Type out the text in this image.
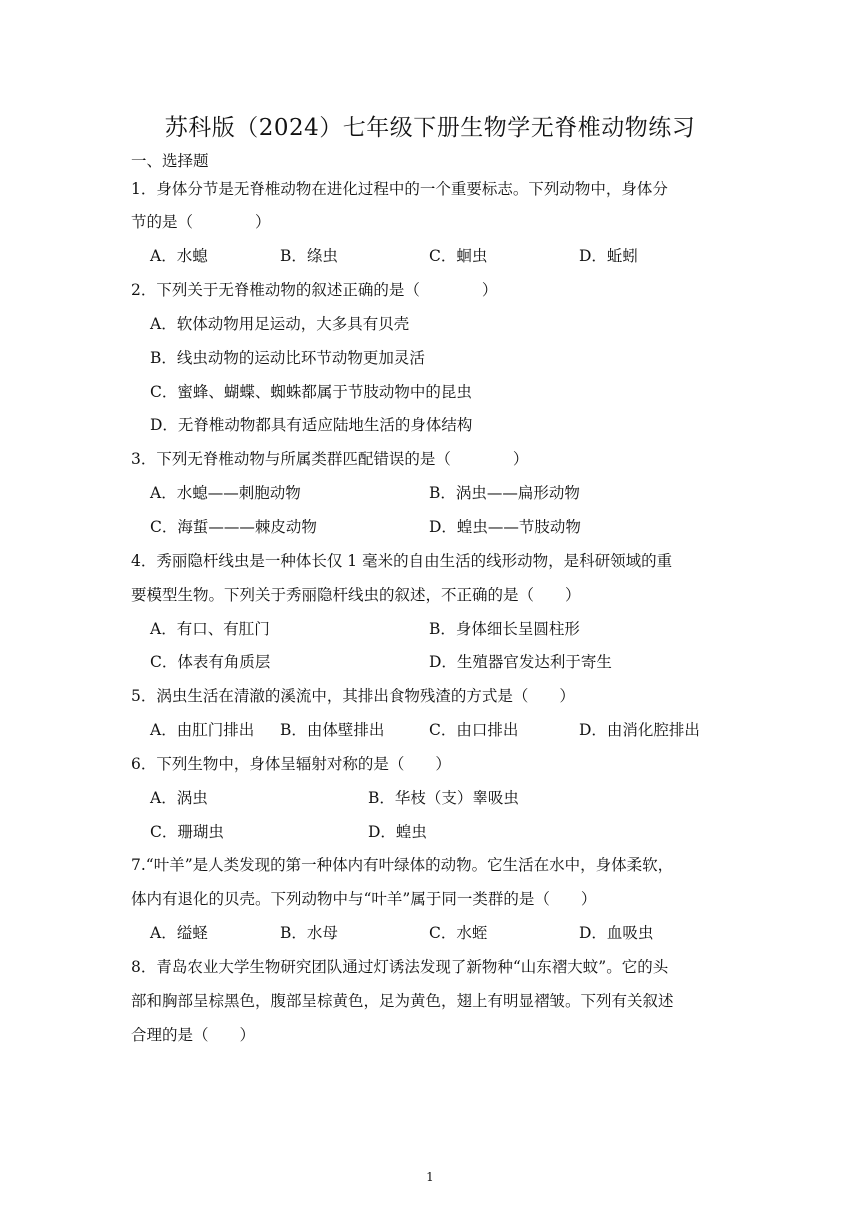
苏科版（2024）七年级下册生物学无脊椎动物练习
一、选择题
1．身体分节是无脊椎动物在进化过程中的一个重要标志。下列动物中，身体分
节的是（　　　　）
A．水螅	B．绦虫	C．蛔虫	D．蚯蚓
2．下列关于无脊椎动物的叙述正确的是（　　　　）
A．软体动物用足运动，大多具有贝壳
B．线虫动物的运动比环节动物更加灵活
C．蜜蜂、蝴蝶、蜘蛛都属于节肢动物中的昆虫
D．无脊椎动物都具有适应陆地生活的身体结构
3．下列无脊椎动物与所属类群匹配错误的是（　　　　）
A．水螅——刺胞动物	B．涡虫——扁形动物
C．海蜇———棘皮动物	D．蝗虫——节肢动物
4．秀丽隐杆线虫是一种体长仅 1 毫米的自由生活的线形动物，是科研领域的重
要模型生物。下列关于秀丽隐杆线虫的叙述，不正确的是（　　）
A．有口、有肛门	B．身体细长呈圆柱形
C．体表有角质层	D．生殖器官发达利于寄生
5．涡虫生活在清澈的溪流中，其排出食物残渣的方式是（　　）
A．由肛门排出 B．由体壁排出	C．由口排出	D．由消化腔排出
6．下列生物中，身体呈辐射对称的是（　　）
A．涡虫	B．华枝（支）睾吸虫
C．珊瑚虫	D．蝗虫
7.“叶羊”是人类发现的第一种体内有叶绿体的动物。它生活在水中，身体柔软，
体内有退化的贝壳。下列动物中与“叶羊”属于同一类群的是（　　）
A．缢蛏	B．水母	C．水蛭	D．血吸虫
8．青岛农业大学生物研究团队通过灯诱法发现了新物种“山东褶大蚊”。它的头
部和胸部呈棕黑色，腹部呈棕黄色，足为黄色，翅上有明显褶皱。下列有关叙述
合理的是（　　）
1
